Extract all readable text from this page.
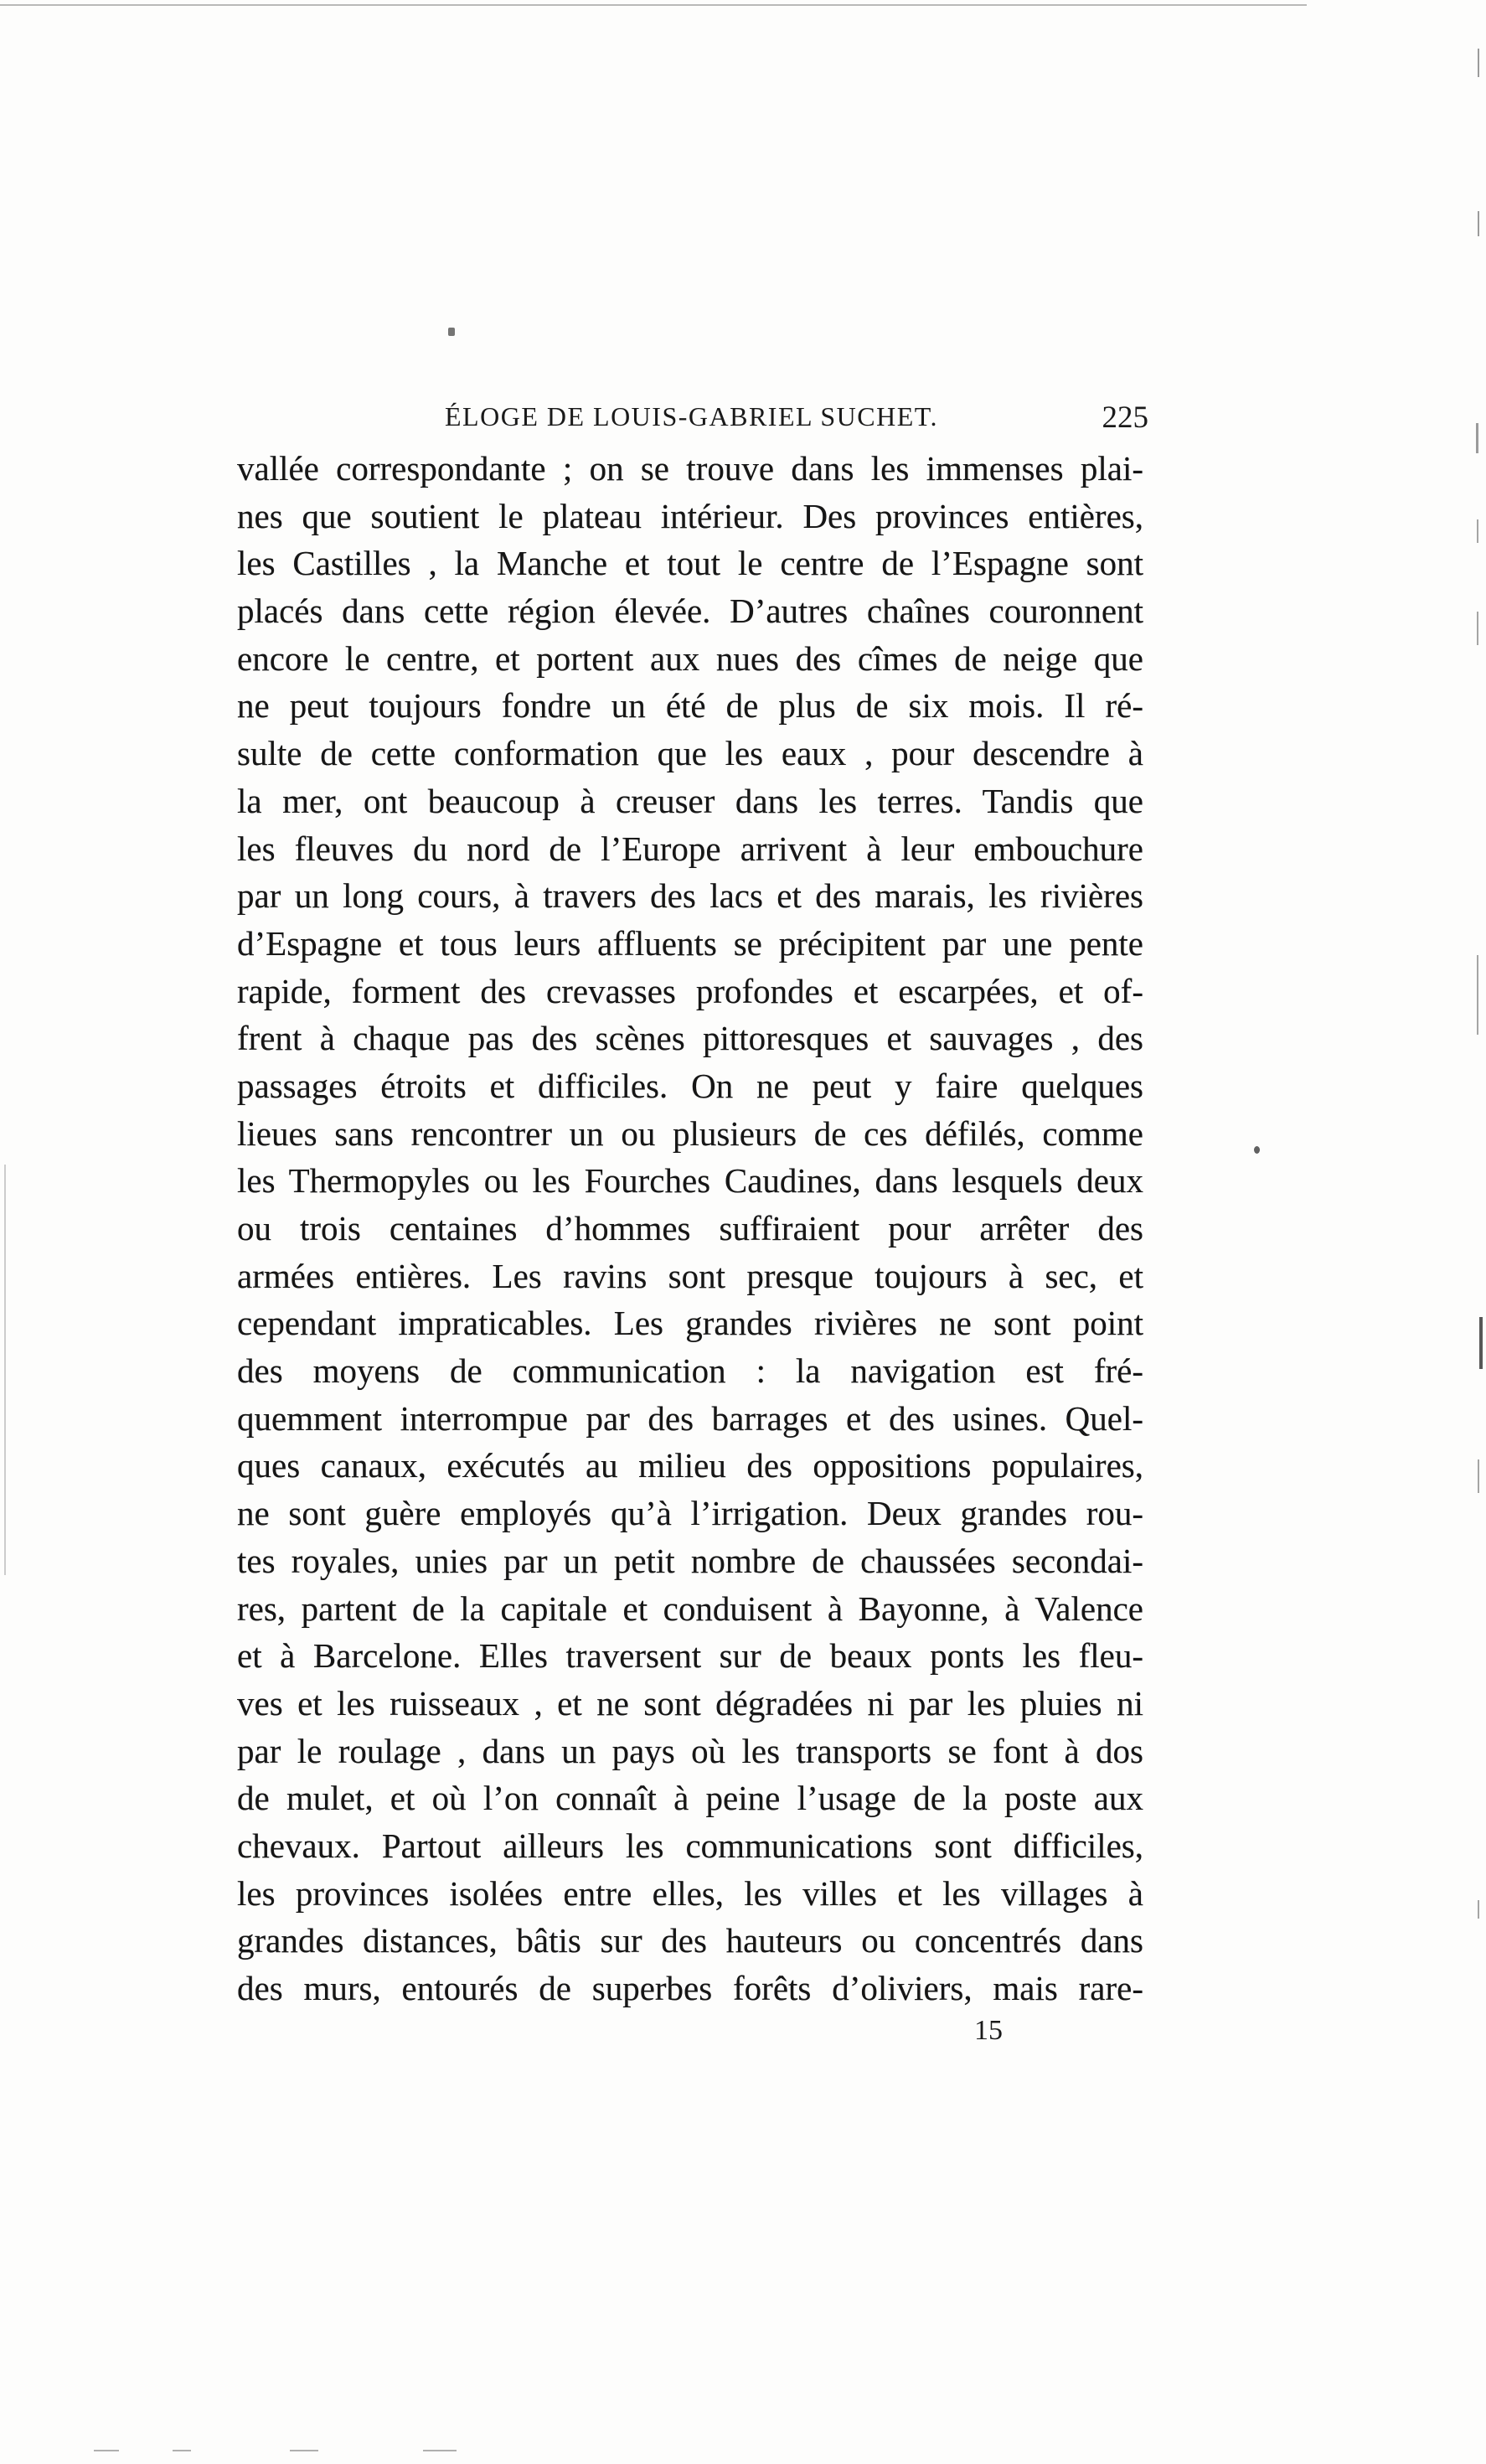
ÉLOGE DE LOUIS-GABRIEL SUCHET.	225
vallée correspondante ; on se trouve dans les immenses plai-
nes que soutient le plateau intérieur. Des provinces entières,
les Castilles , la Manche et tout le centre de l’Espagne sont
placés dans cette région élevée. D’autres chaînes couronnent
encore le centre, et portent aux nues des cîmes de neige que
ne peut toujours fondre un été de plus de six mois. Il ré-
sulte de cette conformation que les eaux , pour descendre à
la mer, ont beaucoup à creuser dans les terres. Tandis que
les fleuves du nord de l’Europe arrivent à leur embouchure
par un long cours, à travers des lacs et des marais, les rivières
d’Espagne et tous leurs affluents se précipitent par une pente
rapide, forment des crevasses profondes et escarpées, et of-
frent à chaque pas des scènes pittoresques et sauvages , des
passages étroits et difficiles. On ne peut y faire quelques
lieues sans rencontrer un ou plusieurs de ces défilés, comme
les Thermopyles ou les Fourches Caudines, dans lesquels deux
ou trois centaines d’hommes suffiraient pour arrêter des
armées entières. Les ravins sont presque toujours à sec, et
cependant impraticables. Les grandes rivières ne sont point
des moyens de communication : la navigation est fré-
quemment interrompue par des barrages et des usines. Quel-
ques canaux, exécutés au milieu des oppositions populaires,
ne sont guère employés qu’à l’irrigation. Deux grandes rou-
tes royales, unies par un petit nombre de chaussées secondai-
res, partent de la capitale et conduisent à Bayonne, à Valence
et à Barcelone. Elles traversent sur de beaux ponts les fleu-
ves et les ruisseaux , et ne sont dégradées ni par les pluies ni
par le roulage , dans un pays où les transports se font à dos
de mulet, et où l’on connaît à peine l’usage de la poste aux
chevaux. Partout ailleurs les communications sont difficiles,
les provinces isolées entre elles, les villes et les villages à
grandes distances, bâtis sur des hauteurs ou concentrés dans
des murs, entourés de superbes forêts d’oliviers, mais rare-
15
